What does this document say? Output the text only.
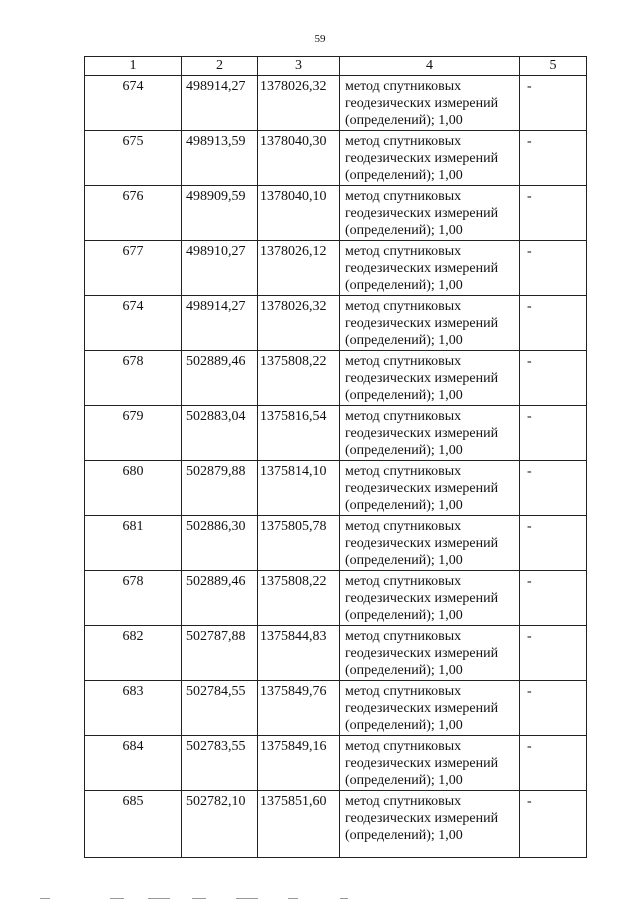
59
1	2	3	4	5
674	498914,27	1378026,32	метод спутниковых
геодезических измерений
(определений); 1,00	-
675	498913,59	1378040,30	метод спутниковых
геодезических измерений
(определений); 1,00	-
676	498909,59	1378040,10	метод спутниковых
геодезических измерений
(определений); 1,00	-
677	498910,27	1378026,12	метод спутниковых
геодезических измерений
(определений); 1,00	-
674	498914,27	1378026,32	метод спутниковых
геодезических измерений
(определений); 1,00	-
678	502889,46	1375808,22	метод спутниковых
геодезических измерений
(определений); 1,00	-
679	502883,04	1375816,54	метод спутниковых
геодезических измерений
(определений); 1,00	-
680	502879,88	1375814,10	метод спутниковых
геодезических измерений
(определений); 1,00	-
681	502886,30	1375805,78	метод спутниковых
геодезических измерений
(определений); 1,00	-
678	502889,46	1375808,22	метод спутниковых
геодезических измерений
(определений); 1,00	-
682	502787,88	1375844,83	метод спутниковых
геодезических измерений
(определений); 1,00	-
683	502784,55	1375849,76	метод спутниковых
геодезических измерений
(определений); 1,00	-
684	502783,55	1375849,16	метод спутниковых
геодезических измерений
(определений); 1,00	-
685	502782,10	1375851,60	метод спутниковых
геодезических измерений
(определений); 1,00	-
